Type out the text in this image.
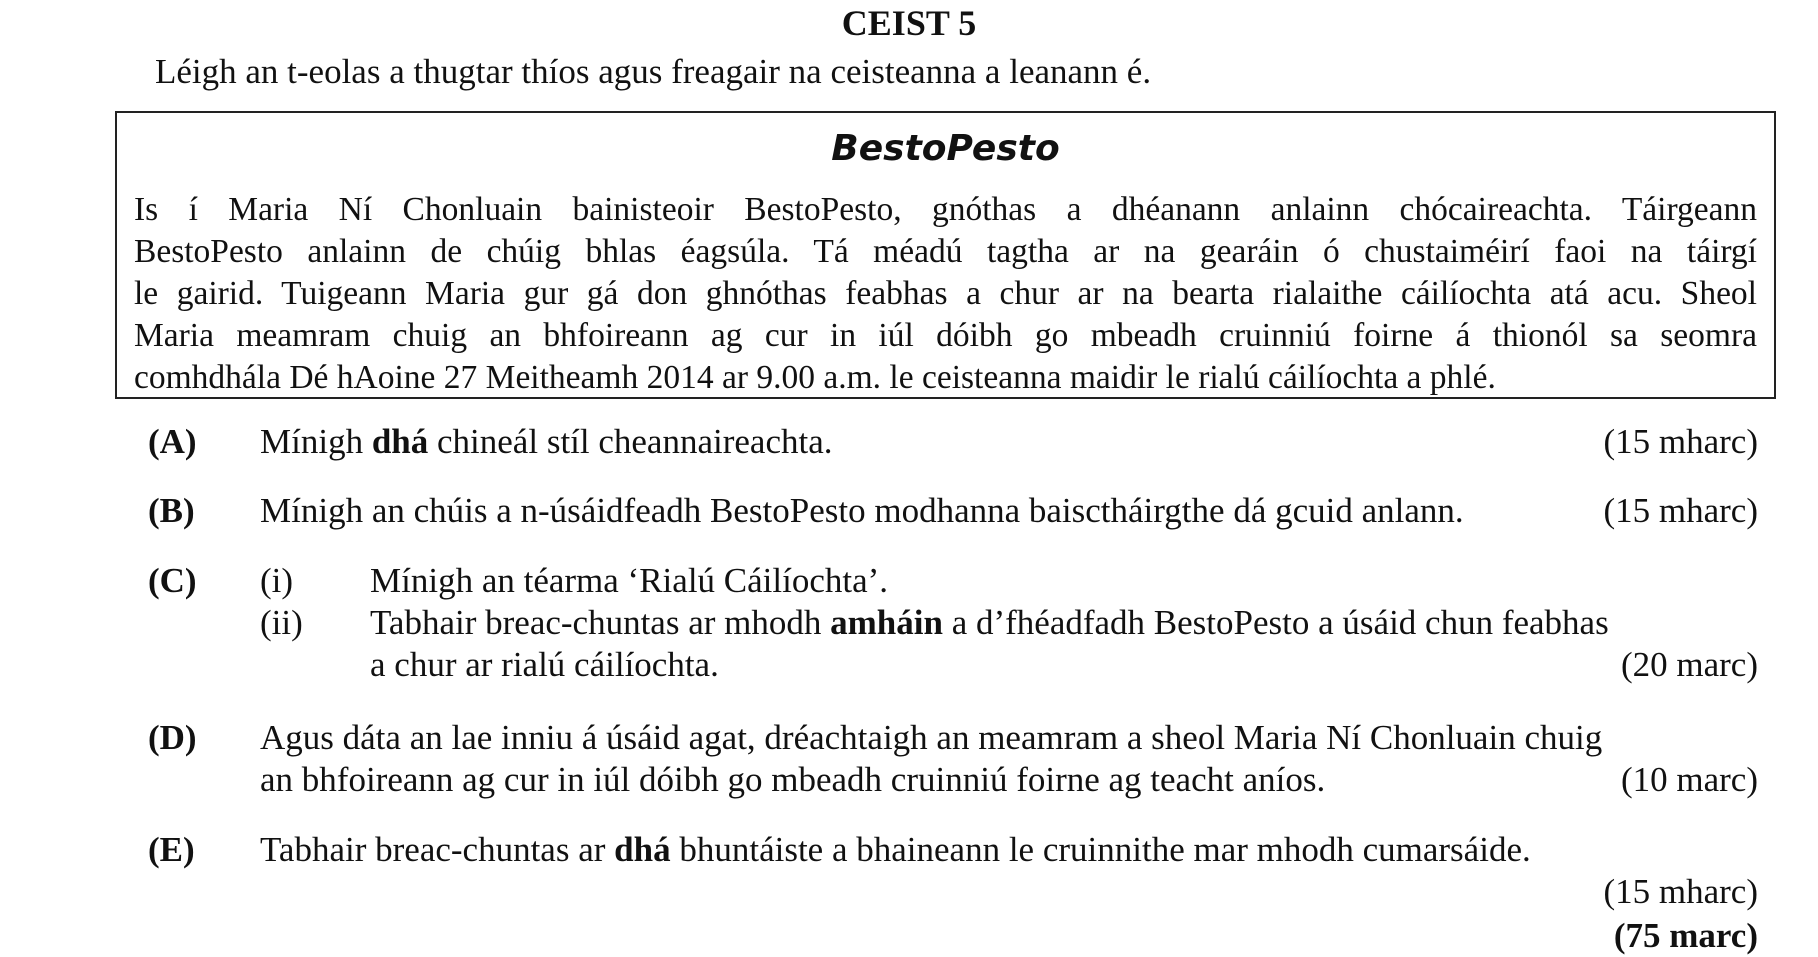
CEIST 5
Léigh an t-eolas a thugtar thíos agus freagair na ceisteanna a leanann é.
BestoPesto
Is í Maria Ní Chonluain bainisteoir BestoPesto, gnóthas a dhéanann anlainn chócaireachta. Táirgeann
BestoPesto anlainn de chúig bhlas éagsúla. Tá méadú tagtha ar na gearáin ó chustaiméirí faoi na táirgí
le gairid. Tuigeann Maria gur gá don ghnóthas feabhas a chur ar na bearta rialaithe cáilíochta atá acu. Sheol
Maria meamram chuig an bhfoireann ag cur in iúl dóibh go mbeadh cruinniú foirne á thionól sa seomra
comhdhála Dé hAoine 27 Meitheamh 2014 ar 9.00 a.m. le ceisteanna maidir le rialú cáilíochta a phlé.
(A) Mínigh dhá chineál stíl cheannaireachta.	(15 mharc)
(B) Mínigh an chúis a n-úsáidfeadh BestoPesto modhanna baisctháirgthe dá gcuid anlann.	(15 mharc)
(C) (i) Mínigh an téarma ‘Rialú Cáilíochta’.
(ii) Tabhair breac-chuntas ar mhodh amháin a d’fhéadfadh BestoPesto a úsáid chun feabhas
a chur ar rialú cáilíochta.	(20 marc)
(D) Agus dáta an lae inniu á úsáid agat, dréachtaigh an meamram a sheol Maria Ní Chonluain chuig
an bhfoireann ag cur in iúl dóibh go mbeadh cruinniú foirne ag teacht aníos.	(10 marc)
(E) Tabhair breac-chuntas ar dhá bhuntáiste a bhaineann le cruinnithe mar mhodh cumarsáide.
(15 mharc)
(75 marc)
